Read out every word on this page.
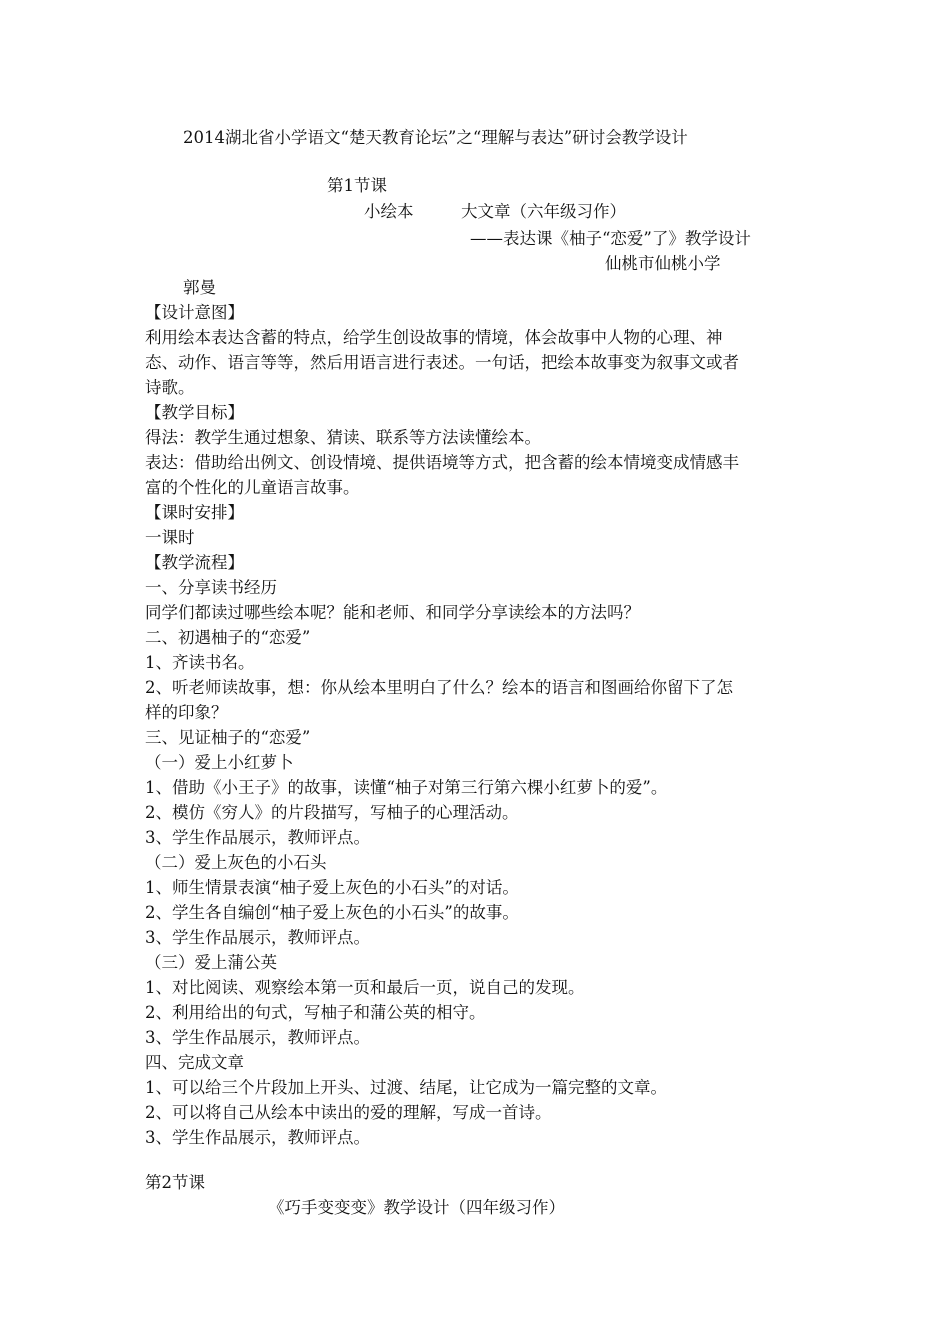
2014湖北省小学语文“楚天教育论坛”之“理解与表达”研讨会教学设计
第1节课
小绘本	大文章（六年级习作）
——表达课《柚子“恋爱”了》教学设计
仙桃市仙桃小学
郭曼
【设计意图】
利用绘本表达含蓄的特点，给学生创设故事的情境，体会故事中人物的心理、神
态、动作、语言等等，然后用语言进行表述。一句话，把绘本故事变为叙事文或者
诗歌。
【教学目标】
得法：教学生通过想象、猜读、联系等方法读懂绘本。
表达：借助给出例文、创设情境、提供语境等方式，把含蓄的绘本情境变成情感丰
富的个性化的儿童语言故事。
【课时安排】
一课时
【教学流程】
一、分享读书经历
同学们都读过哪些绘本呢？能和老师、和同学分享读绘本的方法吗？
二、初遇柚子的“恋爱”
1、齐读书名。
2、听老师读故事，想：你从绘本里明白了什么？绘本的语言和图画给你留下了怎
样的印象？
三、见证柚子的“恋爱”
（一）爱上小红萝卜
1、借助《小王子》的故事，读懂“柚子对第三行第六棵小红萝卜的爱”。
2、模仿《穷人》的片段描写，写柚子的心理活动。
3、学生作品展示，教师评点。
（二）爱上灰色的小石头
1、师生情景表演“柚子爱上灰色的小石头”的对话。
2、学生各自编创“柚子爱上灰色的小石头”的故事。
3、学生作品展示，教师评点。
（三）爱上蒲公英
1、对比阅读、观察绘本第一页和最后一页，说自己的发现。
2、利用给出的句式，写柚子和蒲公英的相守。
3、学生作品展示，教师评点。
四、完成文章
1、可以给三个片段加上开头、过渡、结尾，让它成为一篇完整的文章。
2、可以将自己从绘本中读出的爱的理解，写成一首诗。
3、学生作品展示，教师评点。
第2节课
《巧手变变变》教学设计（四年级习作）
